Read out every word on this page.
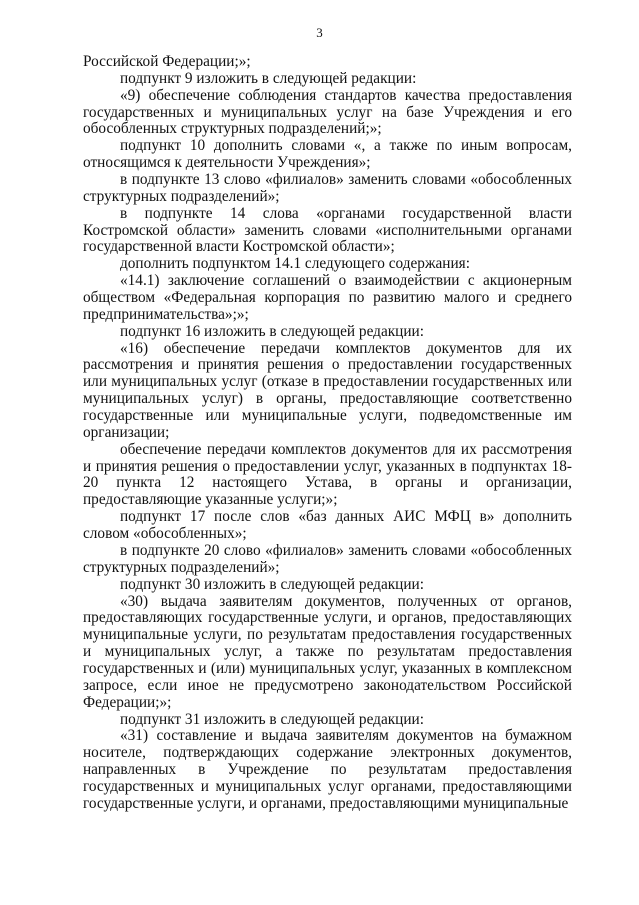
3

Российской Федерации;»;

подпункт 9 изложить в следующей редакции:

«9) обеспечение соблюдения стандартов качества предоставления государственных и муниципальных услуг на базе Учреждения и его обособленных структурных подразделений;»;

подпункт 10 дополнить словами «, а также по иным вопросам, относящимся к деятельности Учреждения»;

в подпункте 13 слово «филиалов» заменить словами «обособленных структурных подразделений»;

в подпункте 14 слова «органами государственной власти Костромской области» заменить словами «исполнительными органами государственной власти Костромской области»;

дополнить подпунктом 14.1 следующего содержания:

«14.1) заключение соглашений о взаимодействии с акционерным обществом «Федеральная корпорация по развитию малого и среднего предпринимательства»;»;

подпункт 16 изложить в следующей редакции:

«16) обеспечение передачи комплектов документов для их рассмотрения и принятия решения о предоставлении государственных или муниципальных услуг (отказе в предоставлении государственных или муниципальных услуг) в органы, предоставляющие соответственно государственные или муниципальные услуги, подведомственные им организации;

обеспечение передачи комплектов документов для их рассмотрения и принятия решения о предоставлении услуг, указанных в подпунктах 18-20 пункта 12 настоящего Устава, в органы и организации, предоставляющие указанные услуги;»;

подпункт 17 после слов «баз данных АИС МФЦ в» дополнить словом «обособленных»;

в подпункте 20 слово «филиалов» заменить словами «обособленных структурных подразделений»;

подпункт 30 изложить в следующей редакции:

«30) выдача заявителям документов, полученных от органов, предоставляющих государственные услуги, и органов, предоставляющих муниципальные услуги, по результатам предоставления государственных и муниципальных услуг, а также по результатам предоставления государственных и (или) муниципальных услуг, указанных в комплексном запросе, если иное не предусмотрено законодательством Российской Федерации;»;

подпункт 31 изложить в следующей редакции:

«31) составление и выдача заявителям документов на бумажном носителе, подтверждающих содержание электронных документов, направленных в Учреждение по результатам предоставления государственных и муниципальных услуг органами, предоставляющими государственные услуги, и органами, предоставляющими муниципальные
